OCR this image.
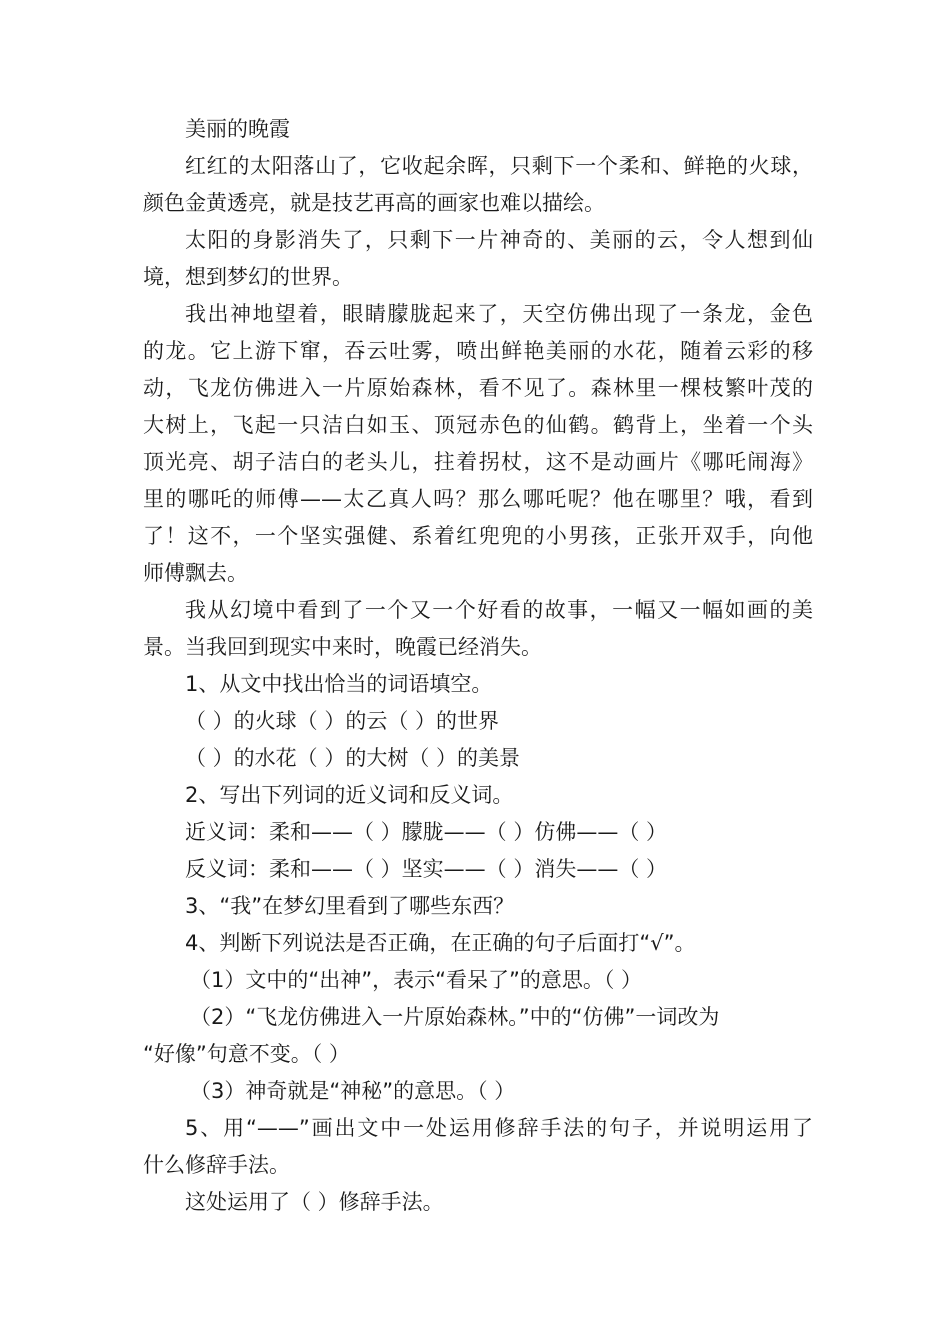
美丽的晚霞
红红的太阳落山了，它收起余晖，只剩下一个柔和、鲜艳的火球，
颜色金黄透亮，就是技艺再高的画家也难以描绘。
太阳的身影消失了，只剩下一片神奇的、美丽的云，令人想到仙
境，想到梦幻的世界。
我出神地望着，眼睛朦胧起来了，天空仿佛出现了一条龙，金色
的龙。它上游下窜，吞云吐雾，喷出鲜艳美丽的水花，随着云彩的移
动，飞龙仿佛进入一片原始森林，看不见了。森林里一棵枝繁叶茂的
大树上，飞起一只洁白如玉、顶冠赤色的仙鹤。鹤背上，坐着一个头
顶光亮、胡子洁白的老头儿，拄着拐杖，这不是动画片《哪吒闹海》
里的哪吒的师傅——太乙真人吗？那么哪吒呢？他在哪里？哦，看到
了！这不，一个坚实强健、系着红兜兜的小男孩，正张开双手，向他
师傅飘去。
我从幻境中看到了一个又一个好看的故事，一幅又一幅如画的美
景。当我回到现实中来时，晚霞已经消失。
1、从文中找出恰当的词语填空。
（ ）的火球（ ）的云（ ）的世界
（ ）的水花（ ）的大树（ ）的美景
2、写出下列词的近义词和反义词。
近义词：柔和——（ ）朦胧——（ ）仿佛——（ ）
反义词：柔和——（ ）坚实——（ ）消失——（ ）
3、“我”在梦幻里看到了哪些东西？
4、判断下列说法是否正确，在正确的句子后面打“√”。
（1）文中的“出神”，表示“看呆了”的意思。（ ）
（2）“飞龙仿佛进入一片原始森林。”中的“仿佛”一词改为
“好像”句意不变。（ ）
（3）神奇就是“神秘”的意思。（ ）
5、用“——”画出文中一处运用修辞手法的句子，并说明运用了
什么修辞手法。
这处运用了（ ）修辞手法。
